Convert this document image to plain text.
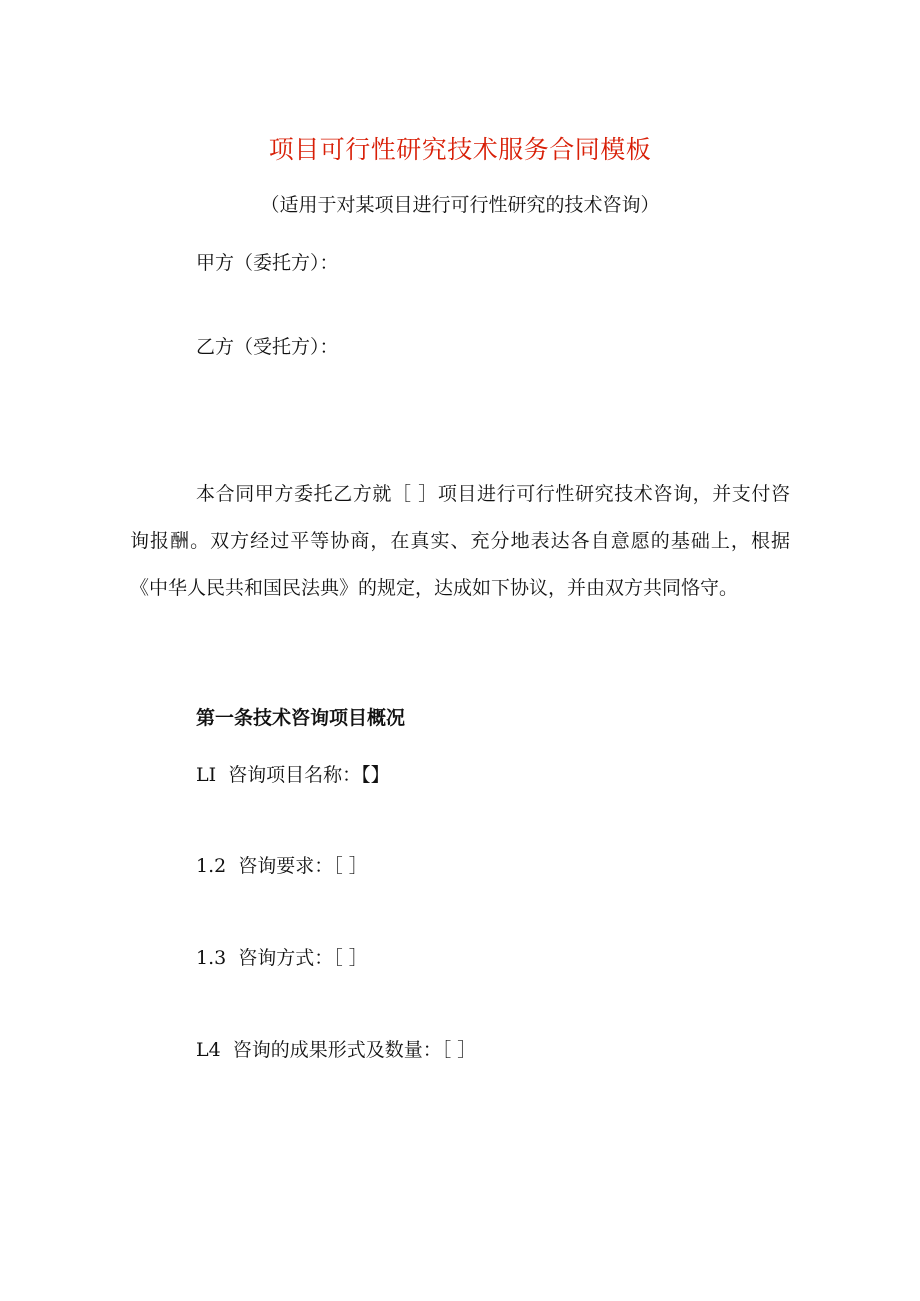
项目可行性研究技术服务合同模板
（适用于对某项目进行可行性研究的技术咨询）
甲方（委托方）：
乙方（受托方）：
本合同甲方委托乙方就［ ］项目进行可行性研究技术咨询，并支付咨询报酬。双方经过平等协商，在真实、充分地表达各自意愿的基础上，根据《中华人民共和国民法典》的规定，达成如下协议，并由双方共同恪守。
第一条技术咨询项目概况
LI 咨询项目名称：【】
1.2 咨询要求：［ ］
1.3 咨询方式：［ ］
L4 咨询的成果形式及数量：［ ］
